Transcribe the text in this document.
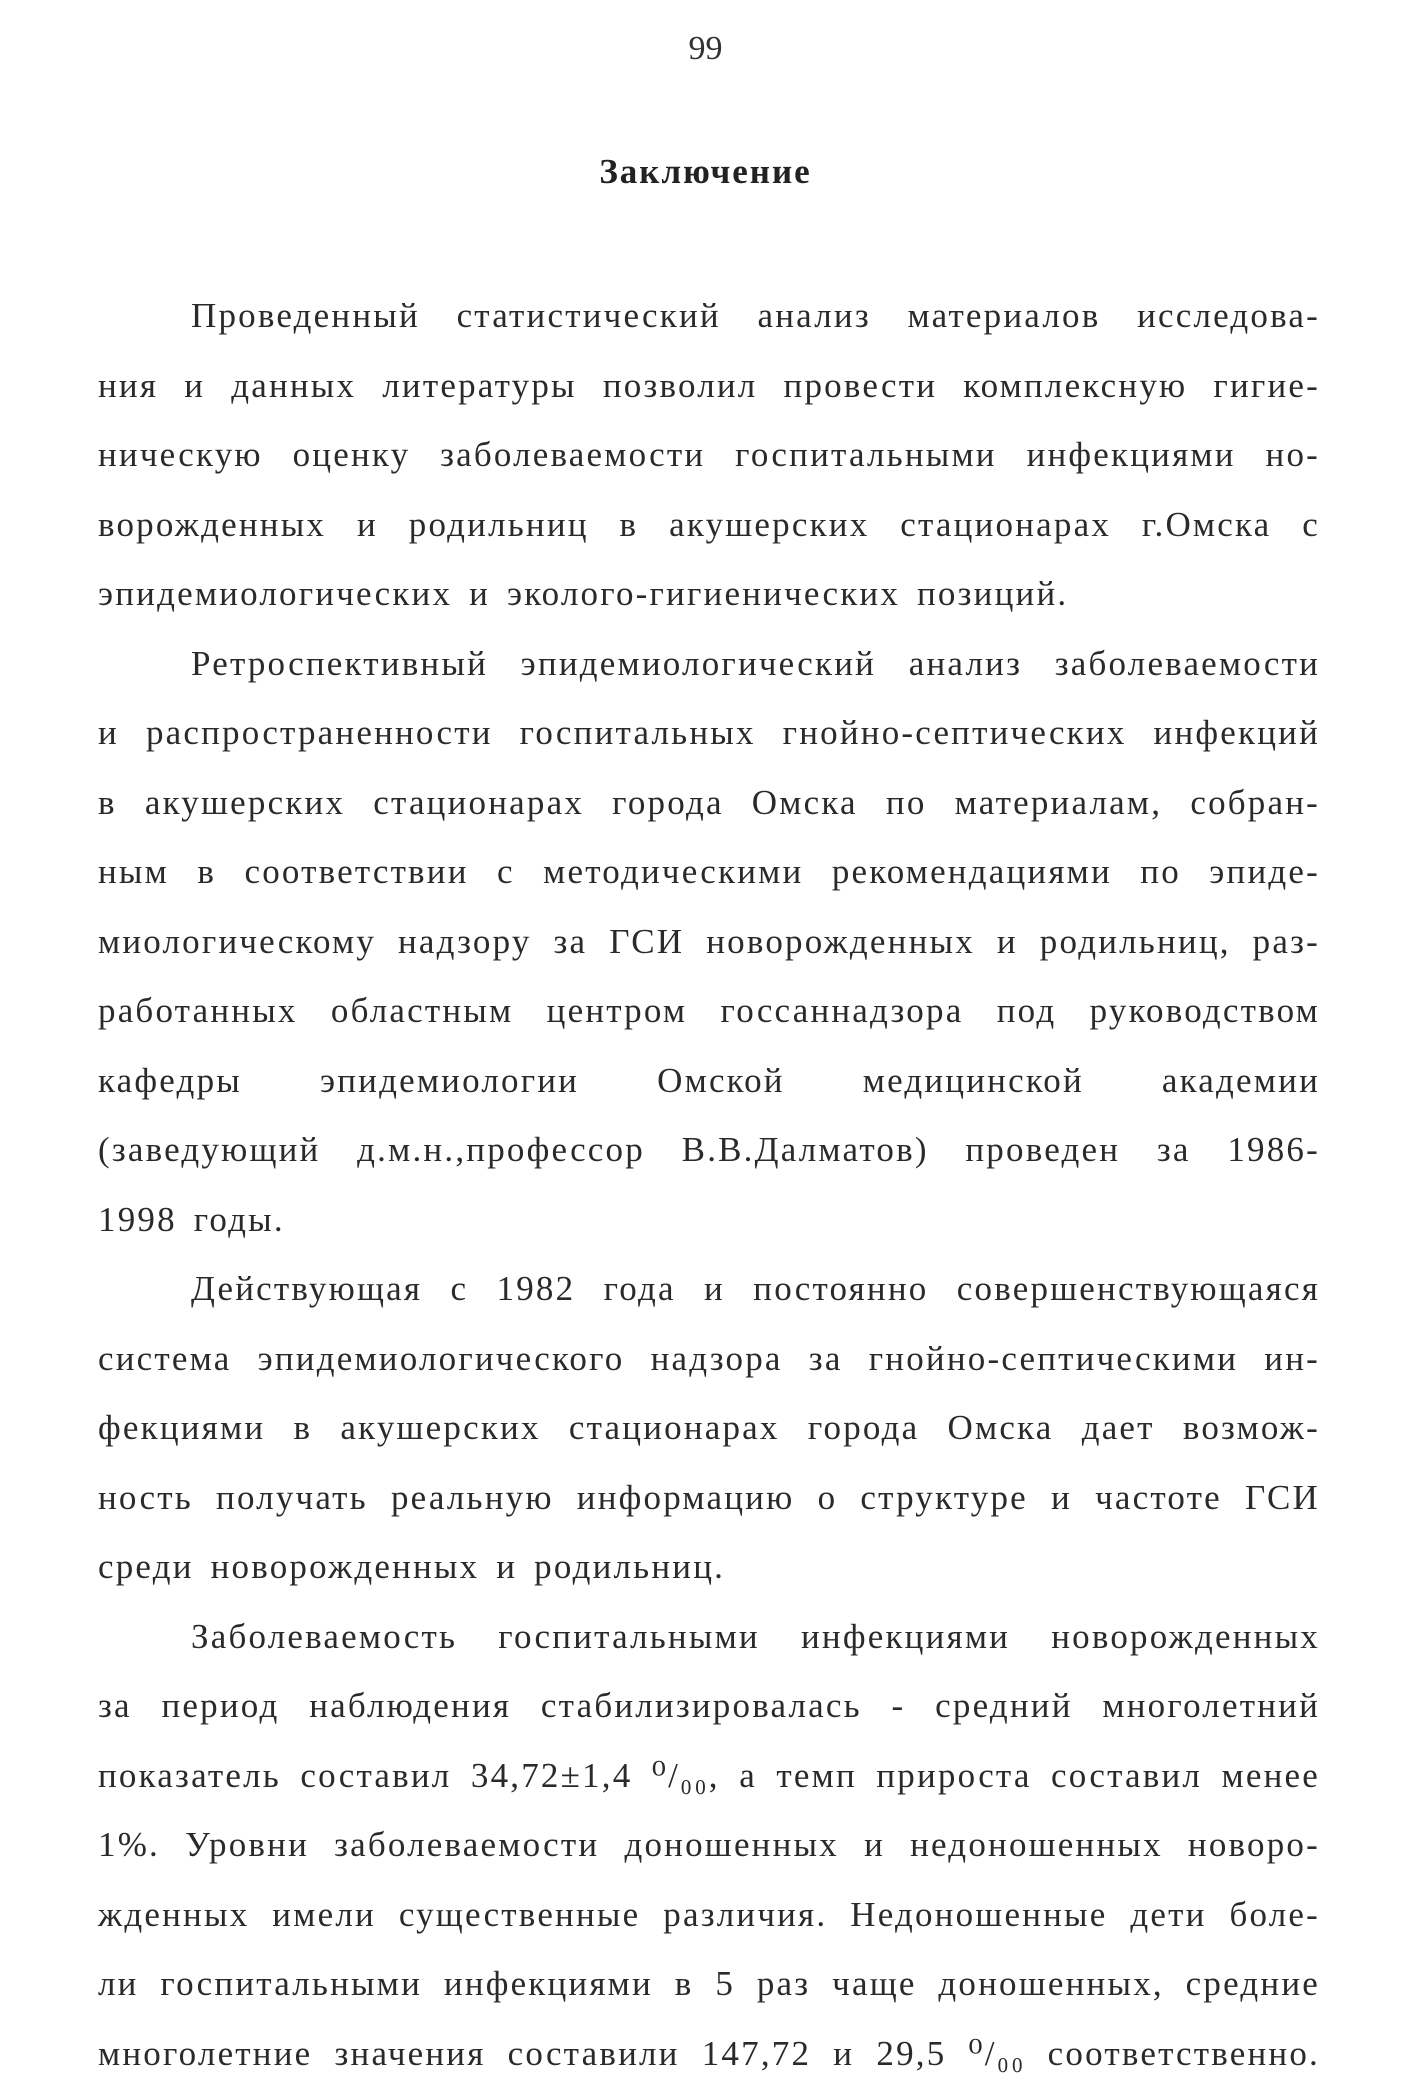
99
Заключение

Проведенный статистический анализ материалов исследова-
ния и данных литературы позволил провести комплексную гигие-
ническую оценку заболеваемости госпитальными инфекциями но-
ворожденных и родильниц в акушерских стационарах г.Омска с
эпидемиологических и эколого-гигиенических позиций.

Ретроспективный эпидемиологический анализ заболеваемости
и распространенности госпитальных гнойно-септических инфекций
в акушерских стационарах города Омска по материалам, собран-
ным в соответствии с методическими рекомендациями по эпиде-
миологическому надзору за ГСИ новорожденных и родильниц, раз-
работанных областным центром госсаннадзора под руководством
кафедры эпидемиологии Омской медицинской академии
(заведующий д.м.н.,профессор В.В.Далматов) проведен за 1986-
1998 годы.

Действующая с 1982 года и постоянно совершенствующаяся
система эпидемиологического надзора за гнойно-септическими ин-
фекциями в акушерских стационарах города Омска дает возмож-
ность получать реальную информацию о структуре и частоте ГСИ
среди новорожденных и родильниц.

Заболеваемость госпитальными инфекциями новорожденных
за период наблюдения стабилизировалась - средний многолетний
показатель составил 34,72±1,4 ⁰/₀₀, а темп прироста составил менее
1%. Уровни заболеваемости доношенных и недоношенных новоро-
жденных имели существенные различия. Недоношенные дети боле-
ли госпитальными инфекциями в 5 раз чаще доношенных, средние
многолетние значения составили 147,72 и 29,5 ⁰/₀₀ соответственно.
